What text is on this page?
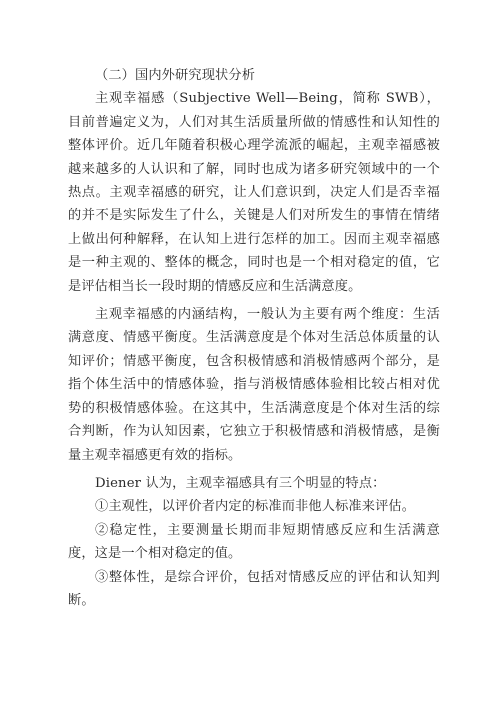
（二）国内外研究现状分析

主观幸福感（Subjective Well—Being，简称 SWB），目前普遍定义为，人们对其生活质量所做的情感性和认知性的整体评价。近几年随着积极心理学流派的崛起，主观幸福感被越来越多的人认识和了解，同时也成为诸多研究领域中的一个热点。主观幸福感的研究，让人们意识到，决定人们是否幸福的并不是实际发生了什么，关键是人们对所发生的事情在情绪上做出何种解释，在认知上进行怎样的加工。因而主观幸福感是一种主观的、整体的概念，同时也是一个相对稳定的值，它是评估相当长一段时期的情感反应和生活满意度。

主观幸福感的内涵结构，一般认为主要有两个维度：生活满意度、情感平衡度。生活满意度是个体对生活总体质量的认知评价；情感平衡度，包含积极情感和消极情感两个部分，是指个体生活中的情感体验，指与消极情感体验相比较占相对优势的积极情感体验。在这其中，生活满意度是个体对生活的综合判断，作为认知因素，它独立于积极情感和消极情感，是衡量主观幸福感更有效的指标。

Diener 认为，主观幸福感具有三个明显的特点：

①主观性，以评价者内定的标准而非他人标准来评估。

②稳定性，主要测量长期而非短期情感反应和生活满意度，这是一个相对稳定的值。

③整体性，是综合评价，包括对情感反应的评估和认知判断。
